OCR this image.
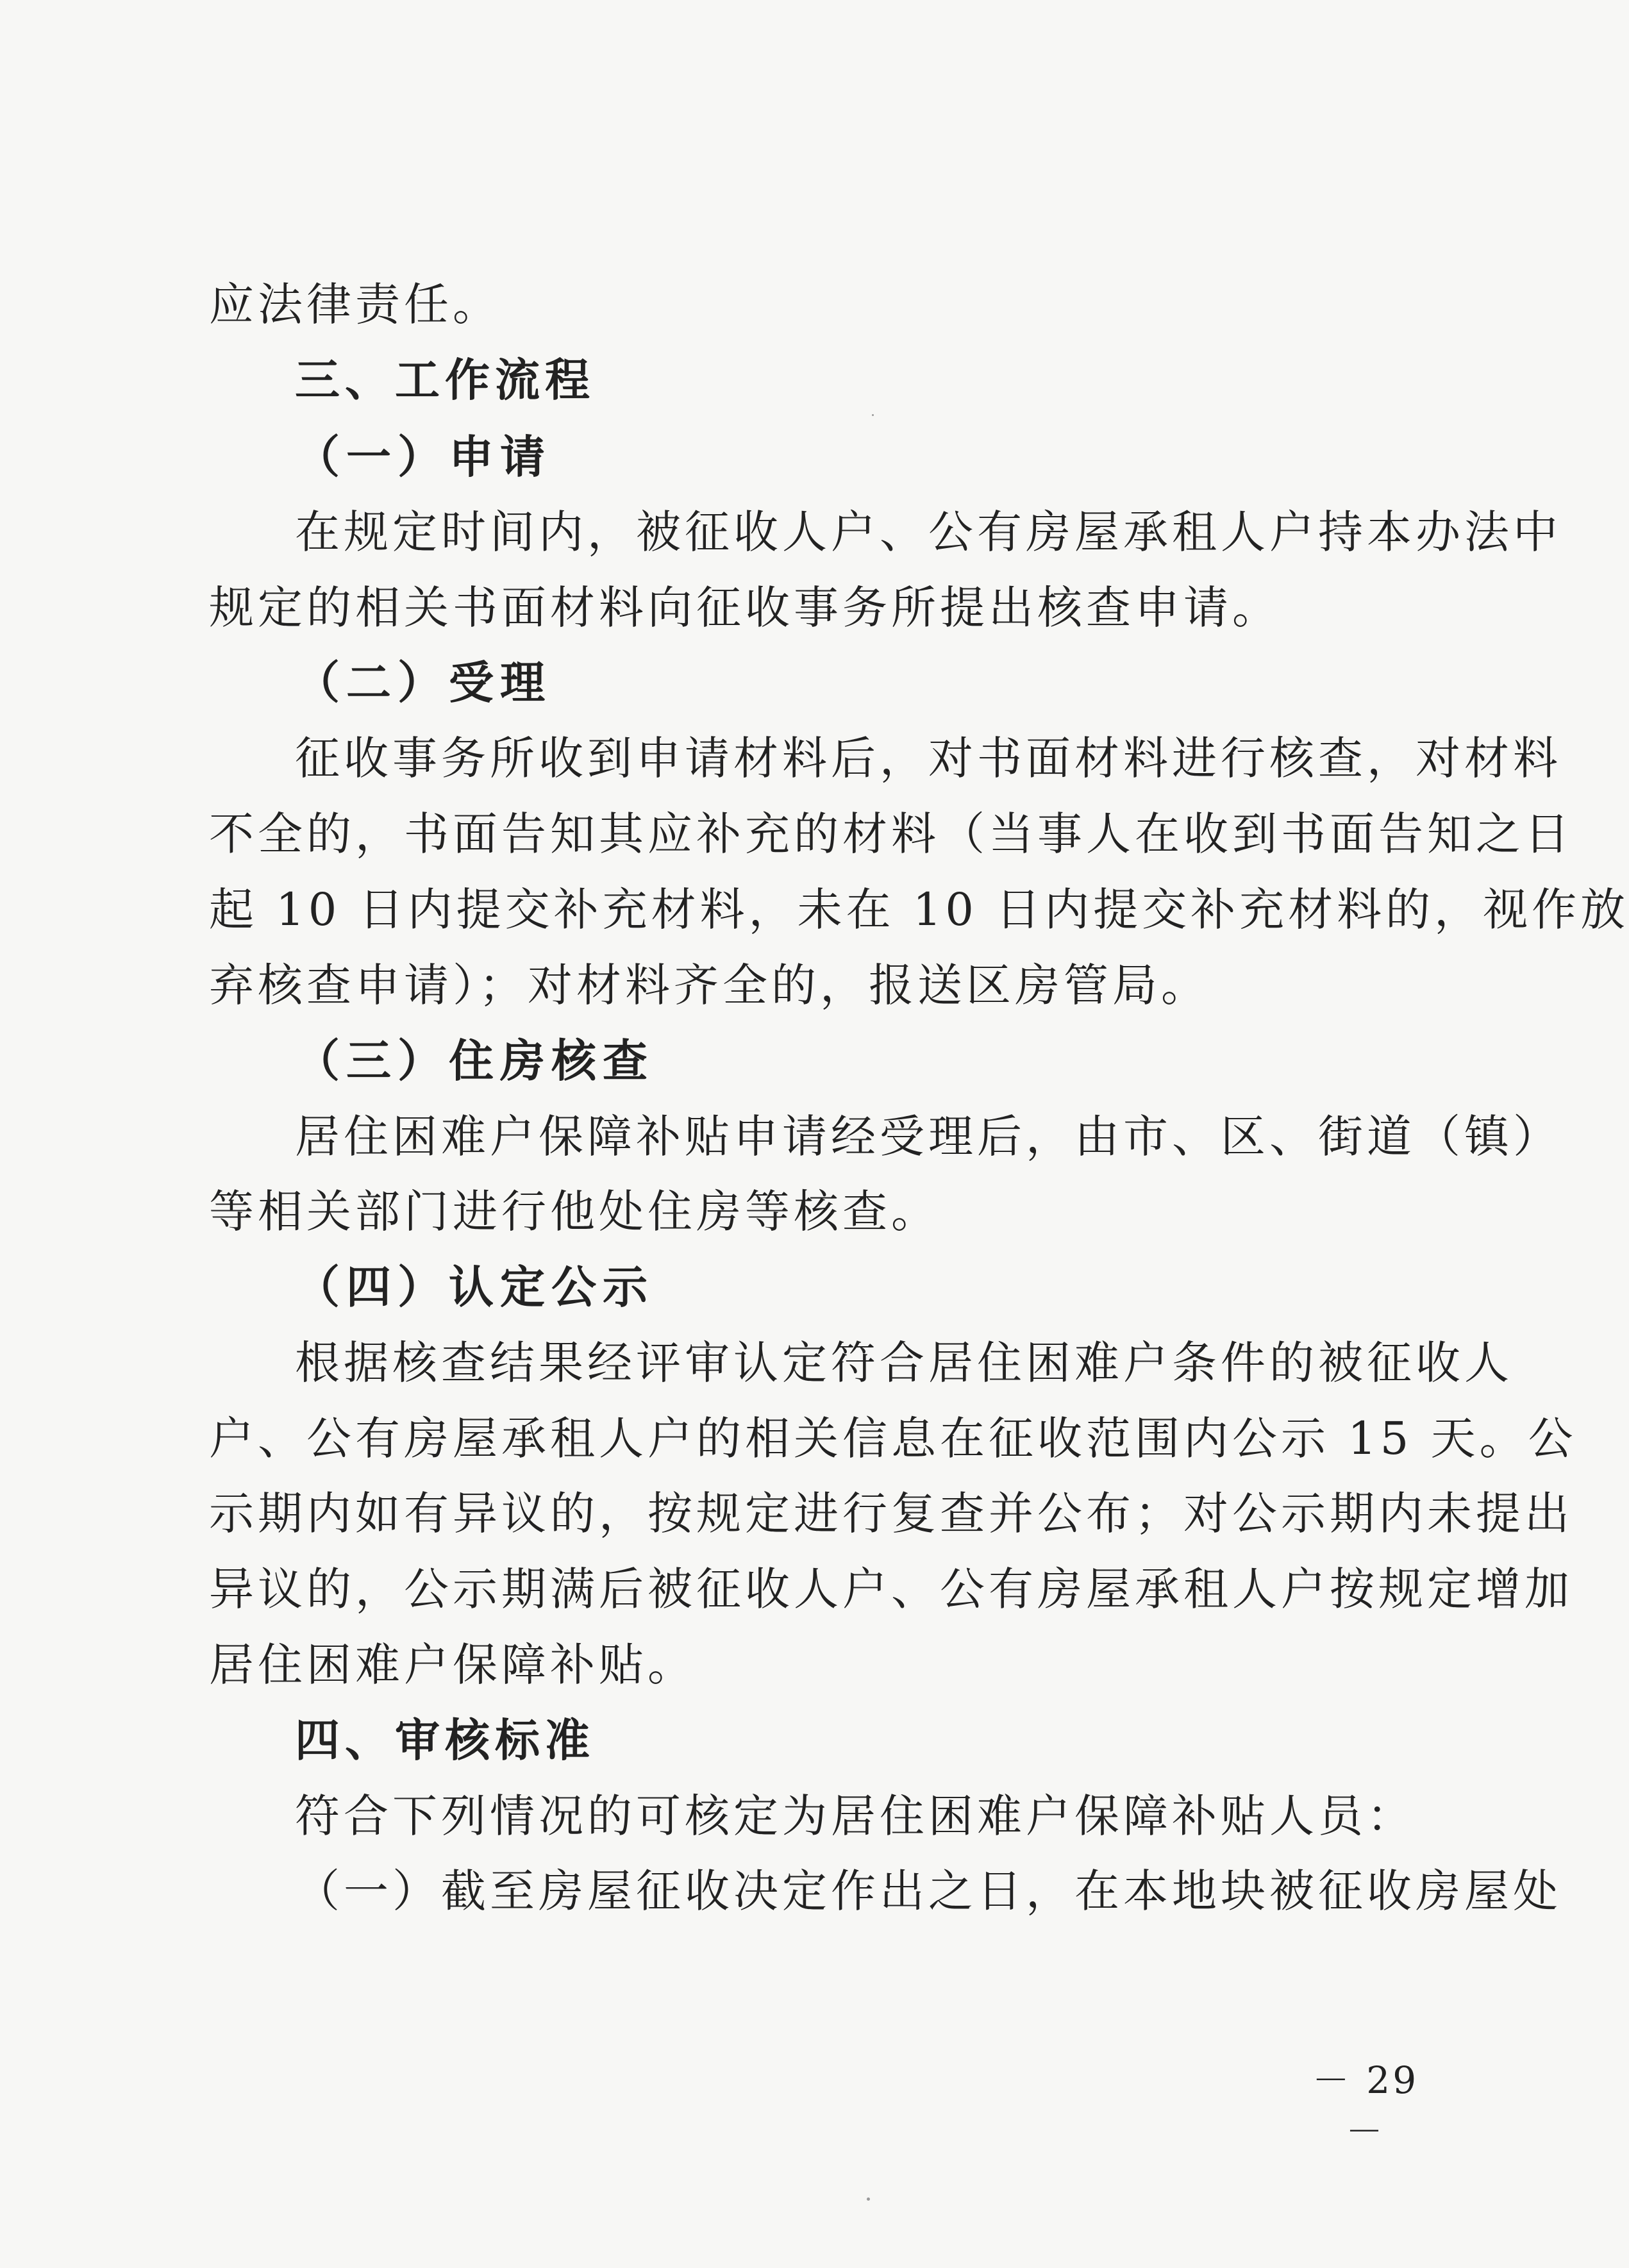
应法律责任。
三、工作流程
（一）申请
在规定时间内，被征收人户、公有房屋承租人户持本办法中
规定的相关书面材料向征收事务所提出核查申请。
（二）受理
征收事务所收到申请材料后，对书面材料进行核查，对材料
不全的，书面告知其应补充的材料（当事人在收到书面告知之日
起 10 日内提交补充材料，未在 10 日内提交补充材料的，视作放
弃核查申请）；对材料齐全的，报送区房管局。
（三）住房核查
居住困难户保障补贴申请经受理后，由市、区、街道（镇）
等相关部门进行他处住房等核查。
（四）认定公示
根据核查结果经评审认定符合居住困难户条件的被征收人
户、公有房屋承租人户的相关信息在征收范围内公示 15 天。公
示期内如有异议的，按规定进行复查并公布；对公示期内未提出
异议的，公示期满后被征收人户、公有房屋承租人户按规定增加
居住困难户保障补贴。
四、审核标准
符合下列情况的可核定为居住困难户保障补贴人员：
（一）截至房屋征收决定作出之日，在本地块被征收房屋处
－ 29 －
